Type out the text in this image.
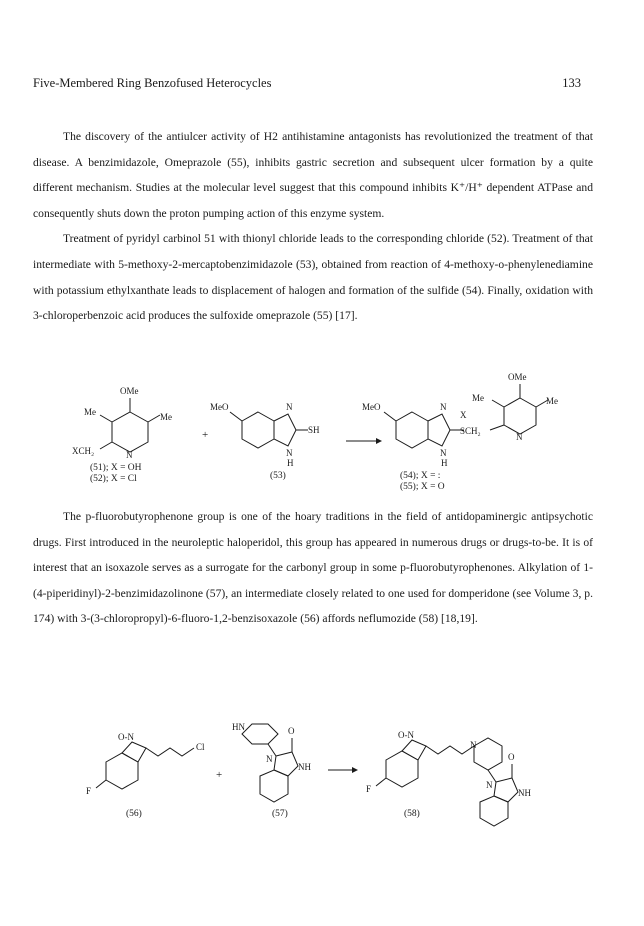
Five-Membered Ring Benzofused Heterocycles	133

The discovery of the antiulcer activity of H2 antihistamine antagonists has revolutionized the treatment of that disease. A benzimidazole, Omeprazole (55), inhibits gastric secretion and subsequent ulcer formation by a quite different mechanism. Studies at the molecular level suggest that this compound inhibits K⁺/H⁺ dependent ATPase and consequently shuts down the proton pumping action of this enzyme system.

Treatment of pyridyl carbinol 51 with thionyl chloride leads to the corresponding chloride (52). Treatment of that intermediate with 5-methoxy-2-mercaptobenzimidazole (53), obtained from reaction of 4-methoxy-o-phenylenediamine with potassium ethylxanthate leads to displacement of halogen and formation of the sulfide (54). Finally, oxidation with 3-chloroperbenzoic acid produces the sulfoxide omeprazole (55) [17].

OMe
Me	Me
XCH₂	N
(51); X = OH
(52); X = Cl
+
MeO	N
SH
N
H
(53)
OMe
Me	Me
MeO	N
X
SCH₂
N
N
H
(54); X = :
(55); X = O

The p-fluorobutyrophenone group is one of the hoary traditions in the field of antidopaminergic antipsychotic drugs. First introduced in the neuroleptic haloperidol, this group has appeared in numerous drugs or drugs-to-be. It is of interest that an isoxazole serves as a surrogate for the carbonyl group in some p-fluorobutyrophenones. Alkylation of 1-(4-piperidinyl)-2-benzimidazolinone (57), an intermediate closely related to one used for domperidone (see Volume 3, p. 174) with 3-(3-chloropropyl)-6-fluoro-1,2-benzisoxazole (56) affords neflumozide (58) [18,19].

O-N
Cl
F
(56)
+
HN	O
N
NH
(57)
O-N
N
O
F	N
NH
(58)
